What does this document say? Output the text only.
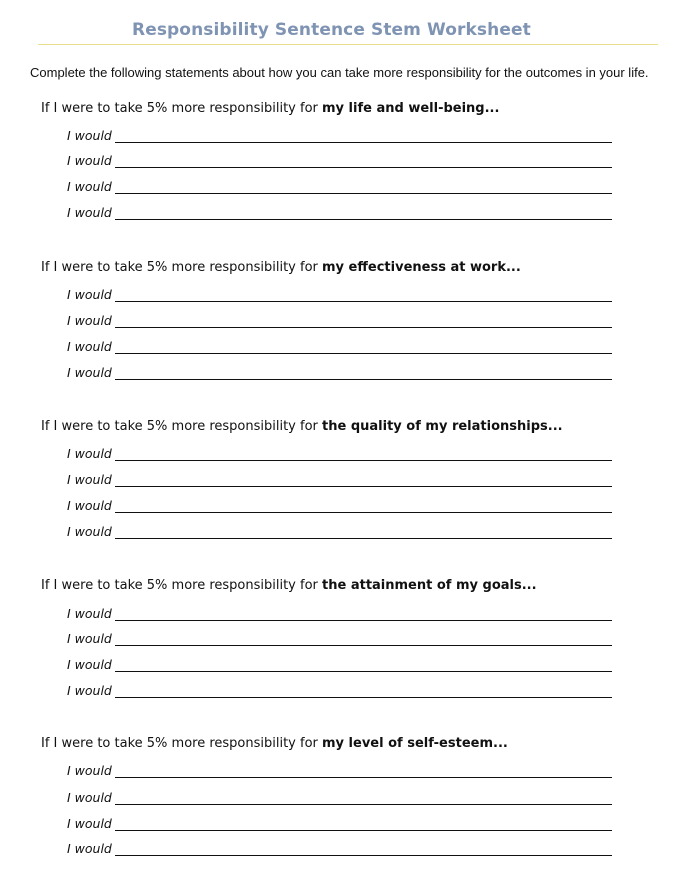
Responsibility Sentence Stem Worksheet
Complete the following statements about how you can take more responsibility for the outcomes in your life.
If I were to take 5% more responsibility for my life and well-being...
I would
I would
I would
I would
If I were to take 5% more responsibility for my effectiveness at work...
I would
I would
I would
I would
If I were to take 5% more responsibility for the quality of my relationships...
I would
I would
I would
I would
If I were to take 5% more responsibility for the attainment of my goals...
I would
I would
I would
I would
If I were to take 5% more responsibility for my level of self-esteem...
I would
I would
I would
I would
